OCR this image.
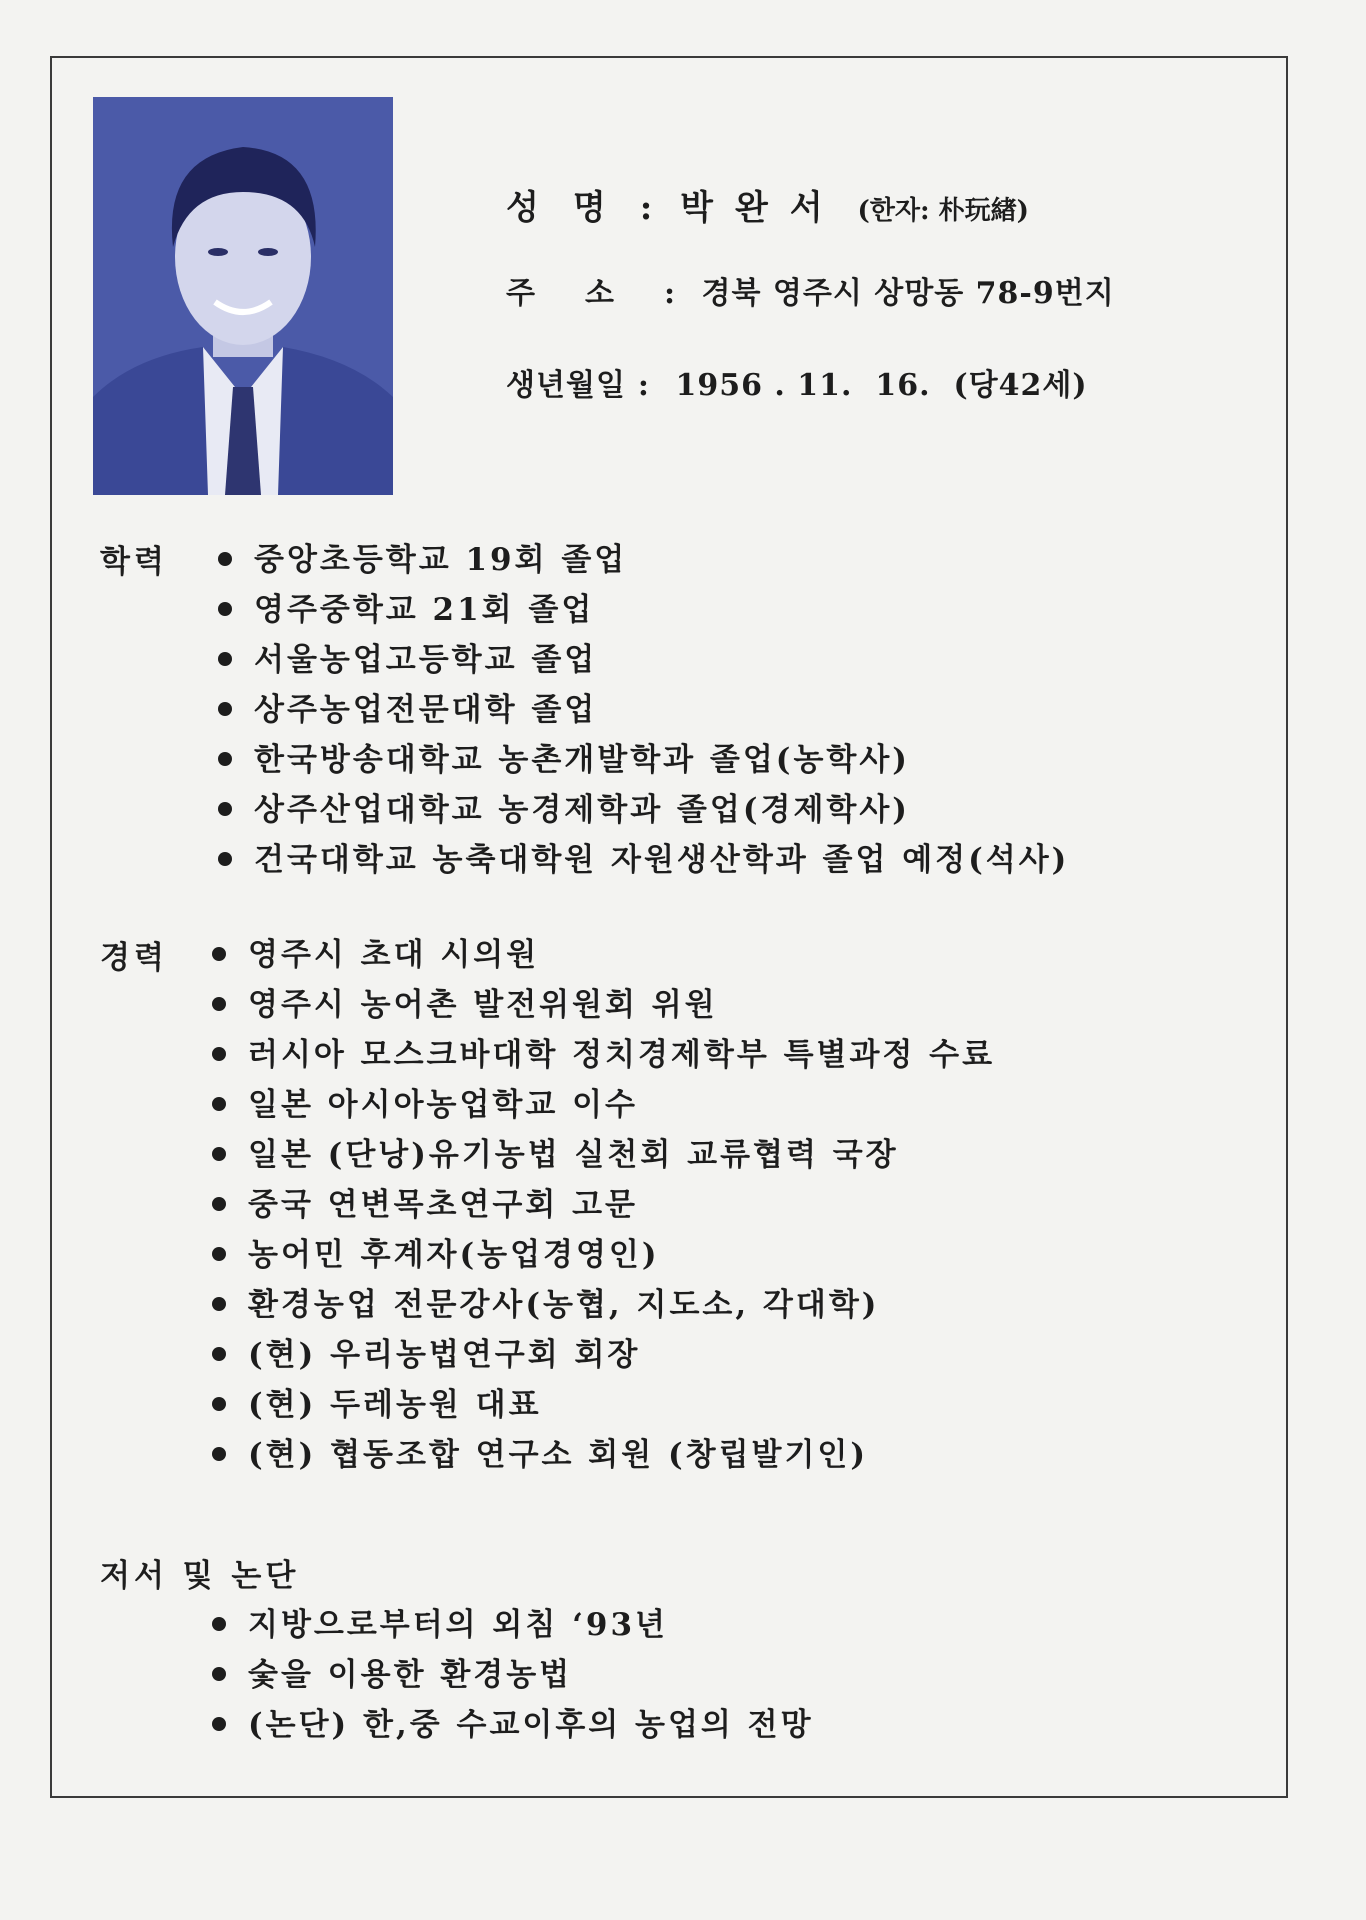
성명: 박완서 (한자: 朴玩緖)
주소: 경북 영주시 상망동 78-9번지
생년월일 : 1956 . 11.  16.  (당42세)
학력	중앙초등학교 19회 졸업
영주중학교 21회 졸업
서울농업고등학교 졸업
상주농업전문대학 졸업
한국방송대학교 농촌개발학과 졸업(농학사)
상주산업대학교 농경제학과 졸업(경제학사)
건국대학교 농축대학원 자원생산학과 졸업 예정(석사)
경력	영주시 초대 시의원
영주시 농어촌 발전위원회 위원
러시아 모스크바대학 정치경제학부 특별과정 수료
일본 아시아농업학교 이수
일본 (단낭)유기농법 실천회 교류협력 국장
중국 연변목초연구회 고문
농어민 후계자(농업경영인)
환경농업 전문강사(농협, 지도소, 각대학)
(현) 우리농법연구회 회장
(현) 두레농원 대표
(현) 협동조합 연구소 회원 (창립발기인)
저서 및 논단
지방으로부터의 외침 ‘93년
숯을 이용한 환경농법
(논단) 한,중 수교이후의 농업의 전망
